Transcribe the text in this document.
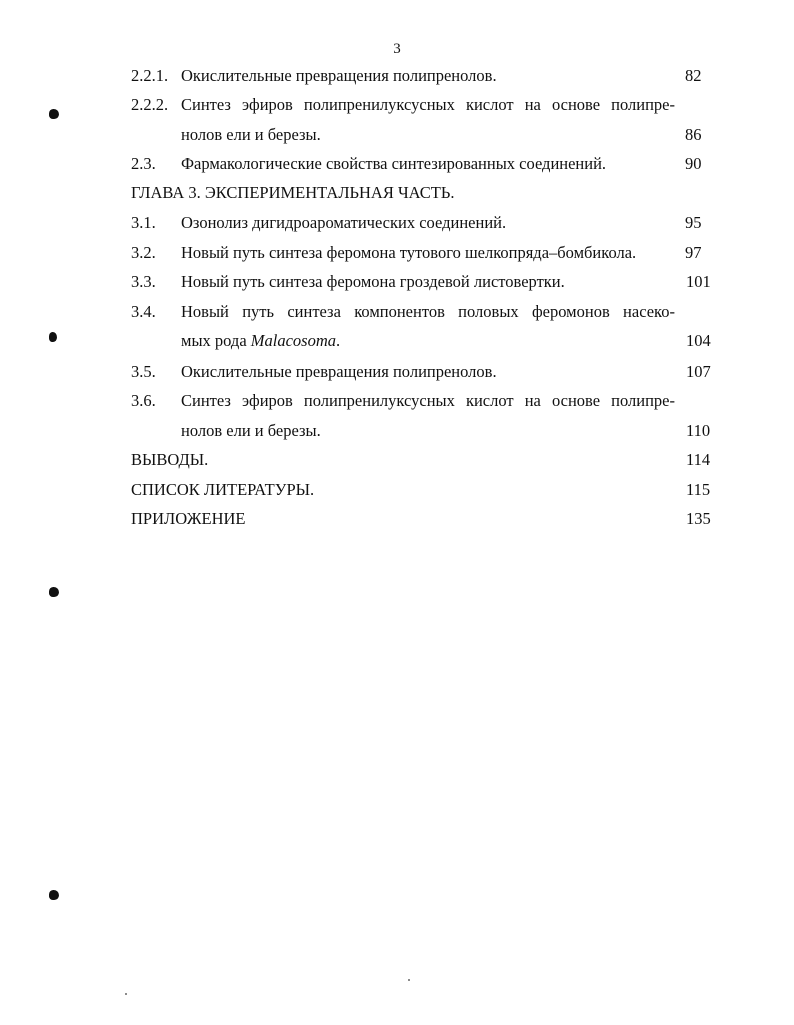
3
2.2.1. Окислительные превращения полипренолов.	82
2.2.2. Синтез эфиров полипренилуксусных кислот на основе полипре-
нолов ели и березы.	86
2.3. Фармакологические свойства синтезированных соединений.	90
ГЛАВА 3. ЭКСПЕРИМЕНТАЛЬНАЯ ЧАСТЬ.
3.1. Озонолиз дигидроароматических соединений.	95
3.2. Новый путь синтеза феромона тутового шелкопряда–бомбикола.	97
3.3. Новый путь синтеза феромона гроздевой листовертки.	101
3.4. Новый путь синтеза компонентов половых феромонов насеко-
мых рода Malacosoma.	104
3.5. Окислительные превращения полипренолов.	107
3.6. Синтез эфиров полипренилуксусных кислот на основе полипре-
нолов ели и березы.	110
ВЫВОДЫ.	114
СПИСОК ЛИТЕРАТУРЫ.	115
ПРИЛОЖЕНИЕ	135
